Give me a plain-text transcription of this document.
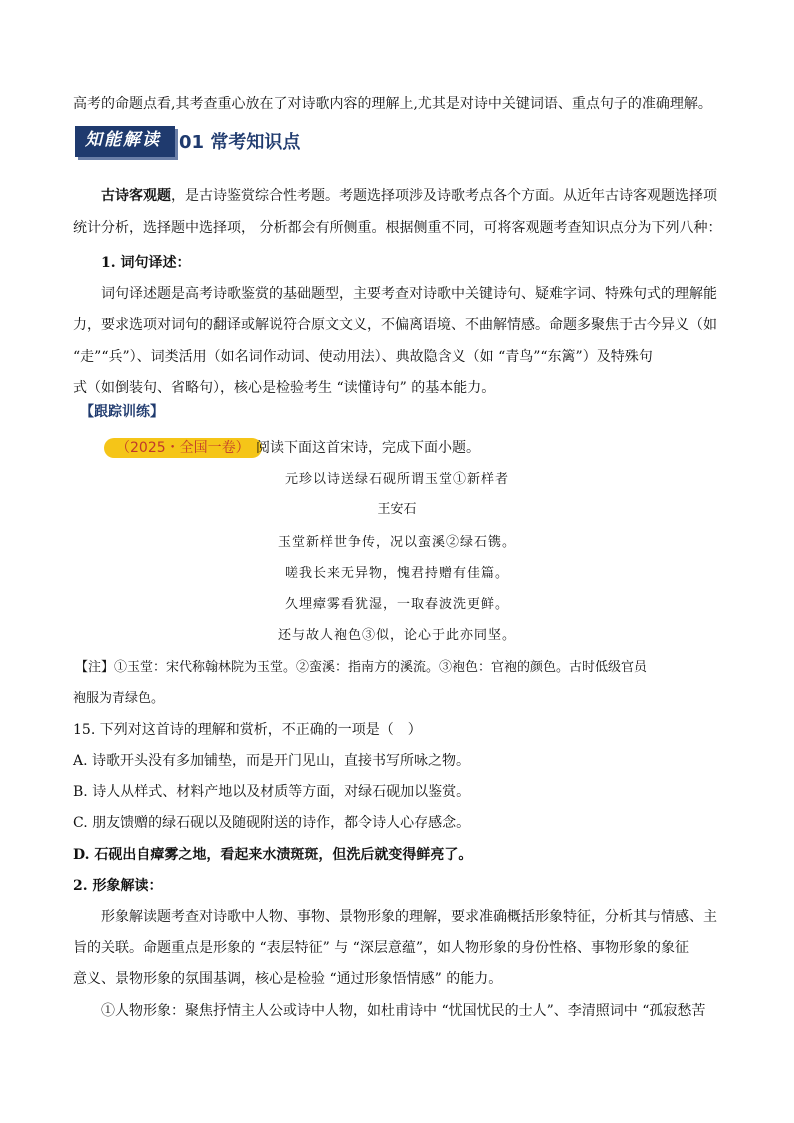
高考的命题点看,其考查重心放在了对诗歌内容的理解上,尤其是对诗中关键词语、重点句子的准确理解。
知能解读	01 常考知识点
古诗客观题，是古诗鉴赏综合性考题。考题选择项涉及诗歌考点各个方面。从近年古诗客观题选择项
统计分析，选择题中选择项， 分析都会有所侧重。根据侧重不同，可将客观题考查知识点分为下列八种：
1. 词句译述：
词句译述题是高考诗歌鉴赏的基础题型，主要考查对诗歌中关键诗句、疑难字词、特殊句式的理解能
力，要求选项对词句的翻译或解说符合原文文义，不偏离语境、不曲解情感。命题多聚焦于古今异义（如
“走”“兵”）、词类活用（如名词作动词、使动用法）、典故隐含义（如 “青鸟”“东篱”）及特殊句
式（如倒装句、省略句），核心是检验考生 “读懂诗句” 的基本能力。
【跟踪训练】
（2025・全国一卷） 阅读下面这首宋诗，完成下面小题。
元珍以诗送绿石砚所谓玉堂①新样者
王安石
玉堂新样世争传，况以蛮溪②绿石镌。
嗟我长来无异物，愧君持赠有佳篇。
久埋瘴雾看犹湿，一取春波洗更鲜。
还与故人袍色③似，论心于此亦同坚。
【注】①玉堂：宋代称翰林院为玉堂。②蛮溪：指南方的溪流。③袍色：官袍的颜色。古时低级官员
袍服为青绿色。
15. 下列对这首诗的理解和赏析，不正确的一项是（　）
A. 诗歌开头没有多加铺垫，而是开门见山，直接书写所咏之物。
B. 诗人从样式、材料产地以及材质等方面，对绿石砚加以鉴赏。
C. 朋友馈赠的绿石砚以及随砚附送的诗作，都令诗人心存感念。
D. 石砚出自瘴雾之地，看起来水渍斑斑，但洗后就变得鲜亮了。
2. 形象解读：
形象解读题考查对诗歌中人物、事物、景物形象的理解，要求准确概括形象特征，分析其与情感、主
旨的关联。命题重点是形象的 “表层特征” 与 “深层意蕴”，如人物形象的身份性格、事物形象的象征
意义、景物形象的氛围基调，核心是检验 “通过形象悟情感” 的能力。
①人物形象：聚焦抒情主人公或诗中人物，如杜甫诗中 “忧国忧民的士人”、李清照词中 “孤寂愁苦
